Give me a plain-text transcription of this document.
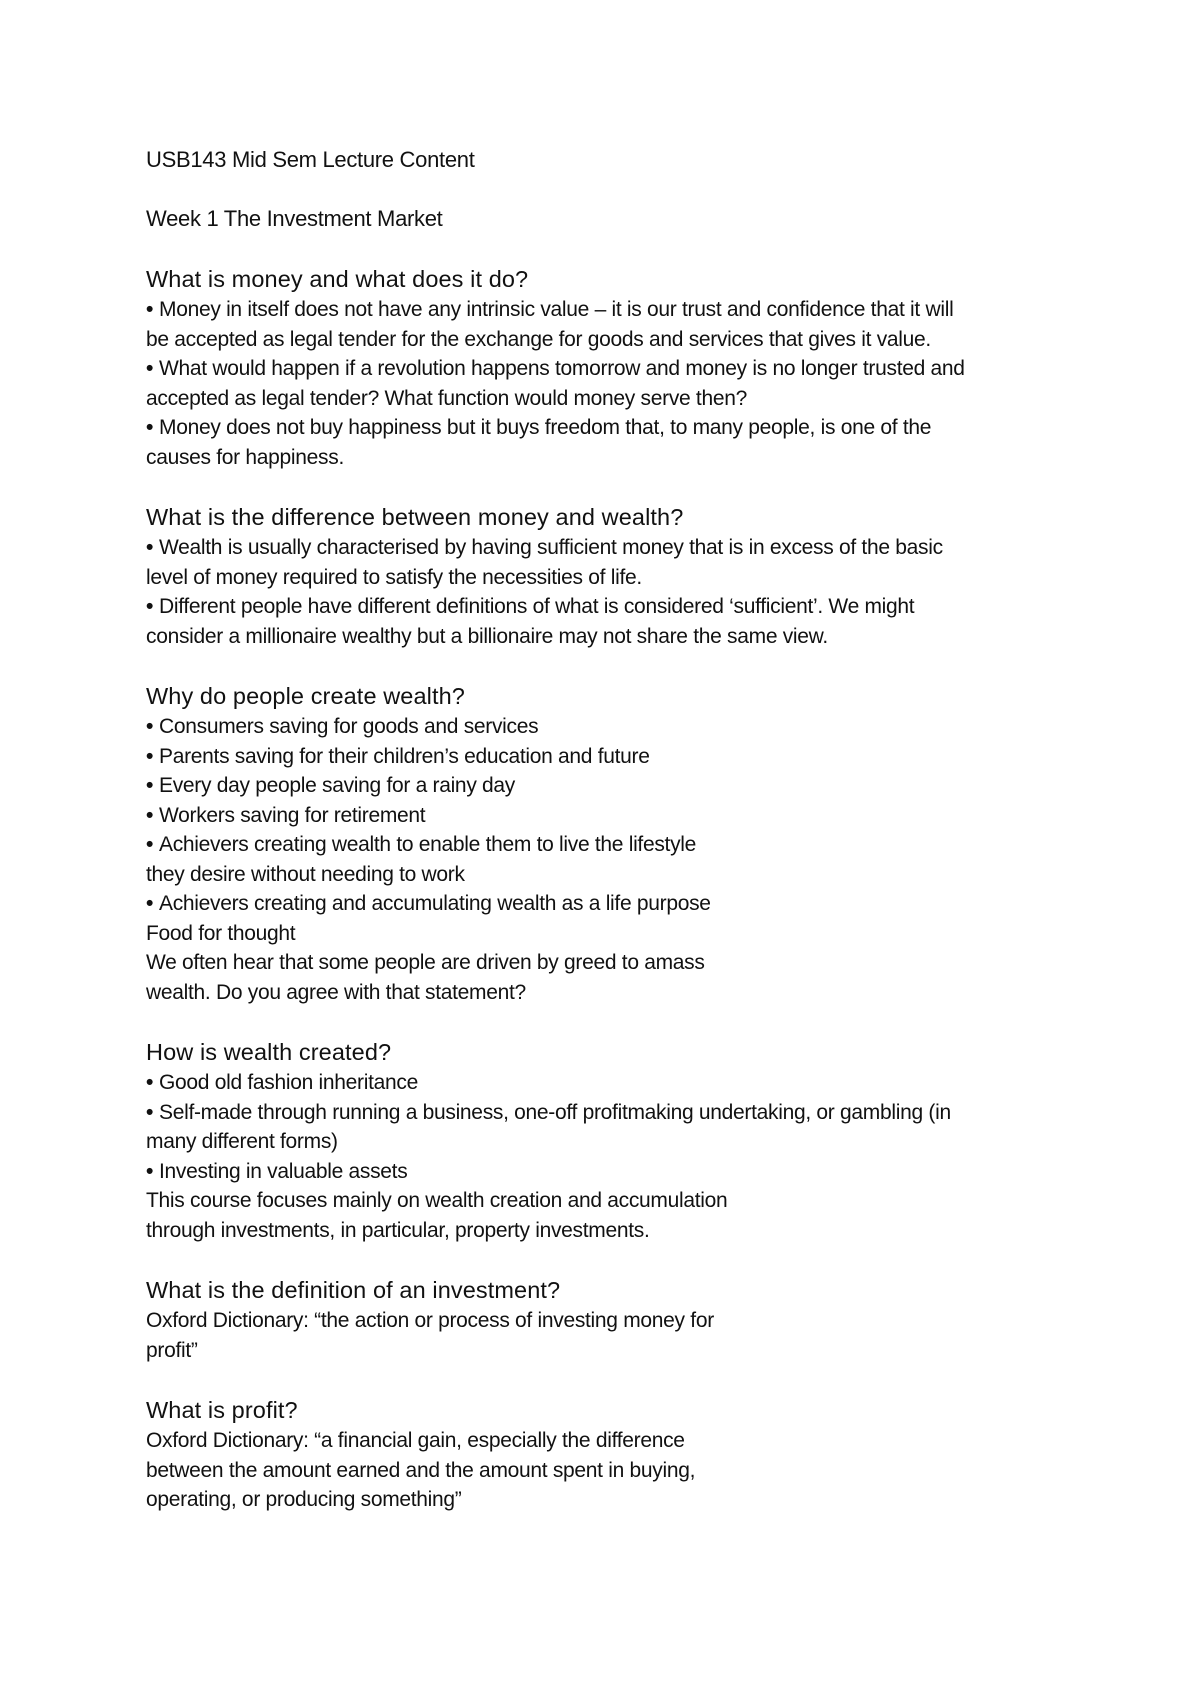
USB143 Mid Sem Lecture Content
Week 1 The Investment Market
What is money and what does it do?
• Money in itself does not have any intrinsic value – it is our trust and confidence that it will
be accepted as legal tender for the exchange for goods and services that gives it value.
• What would happen if a revolution happens tomorrow and money is no longer trusted and
accepted as legal tender? What function would money serve then?
• Money does not buy happiness but it buys freedom that, to many people, is one of the
causes for happiness.
What is the difference between money and wealth?
• Wealth is usually characterised by having sufficient money that is in excess of the basic
level of money required to satisfy the necessities of life.
• Different people have different definitions of what is considered ‘sufficient’. We might
consider a millionaire wealthy but a billionaire may not share the same view.
Why do people create wealth?
• Consumers saving for goods and services
• Parents saving for their children’s education and future
• Every day people saving for a rainy day
• Workers saving for retirement
• Achievers creating wealth to enable them to live the lifestyle
they desire without needing to work
• Achievers creating and accumulating wealth as a life purpose
Food for thought
We often hear that some people are driven by greed to amass
wealth. Do you agree with that statement?
How is wealth created?
• Good old fashion inheritance
• Self-made through running a business, one-off profitmaking undertaking, or gambling (in
many different forms)
• Investing in valuable assets
This course focuses mainly on wealth creation and accumulation
through investments, in particular, property investments.
What is the definition of an investment?
Oxford Dictionary: “the action or process of investing money for
profit”
What is profit?
Oxford Dictionary: “a financial gain, especially the difference
between the amount earned and the amount spent in buying,
operating, or producing something”
